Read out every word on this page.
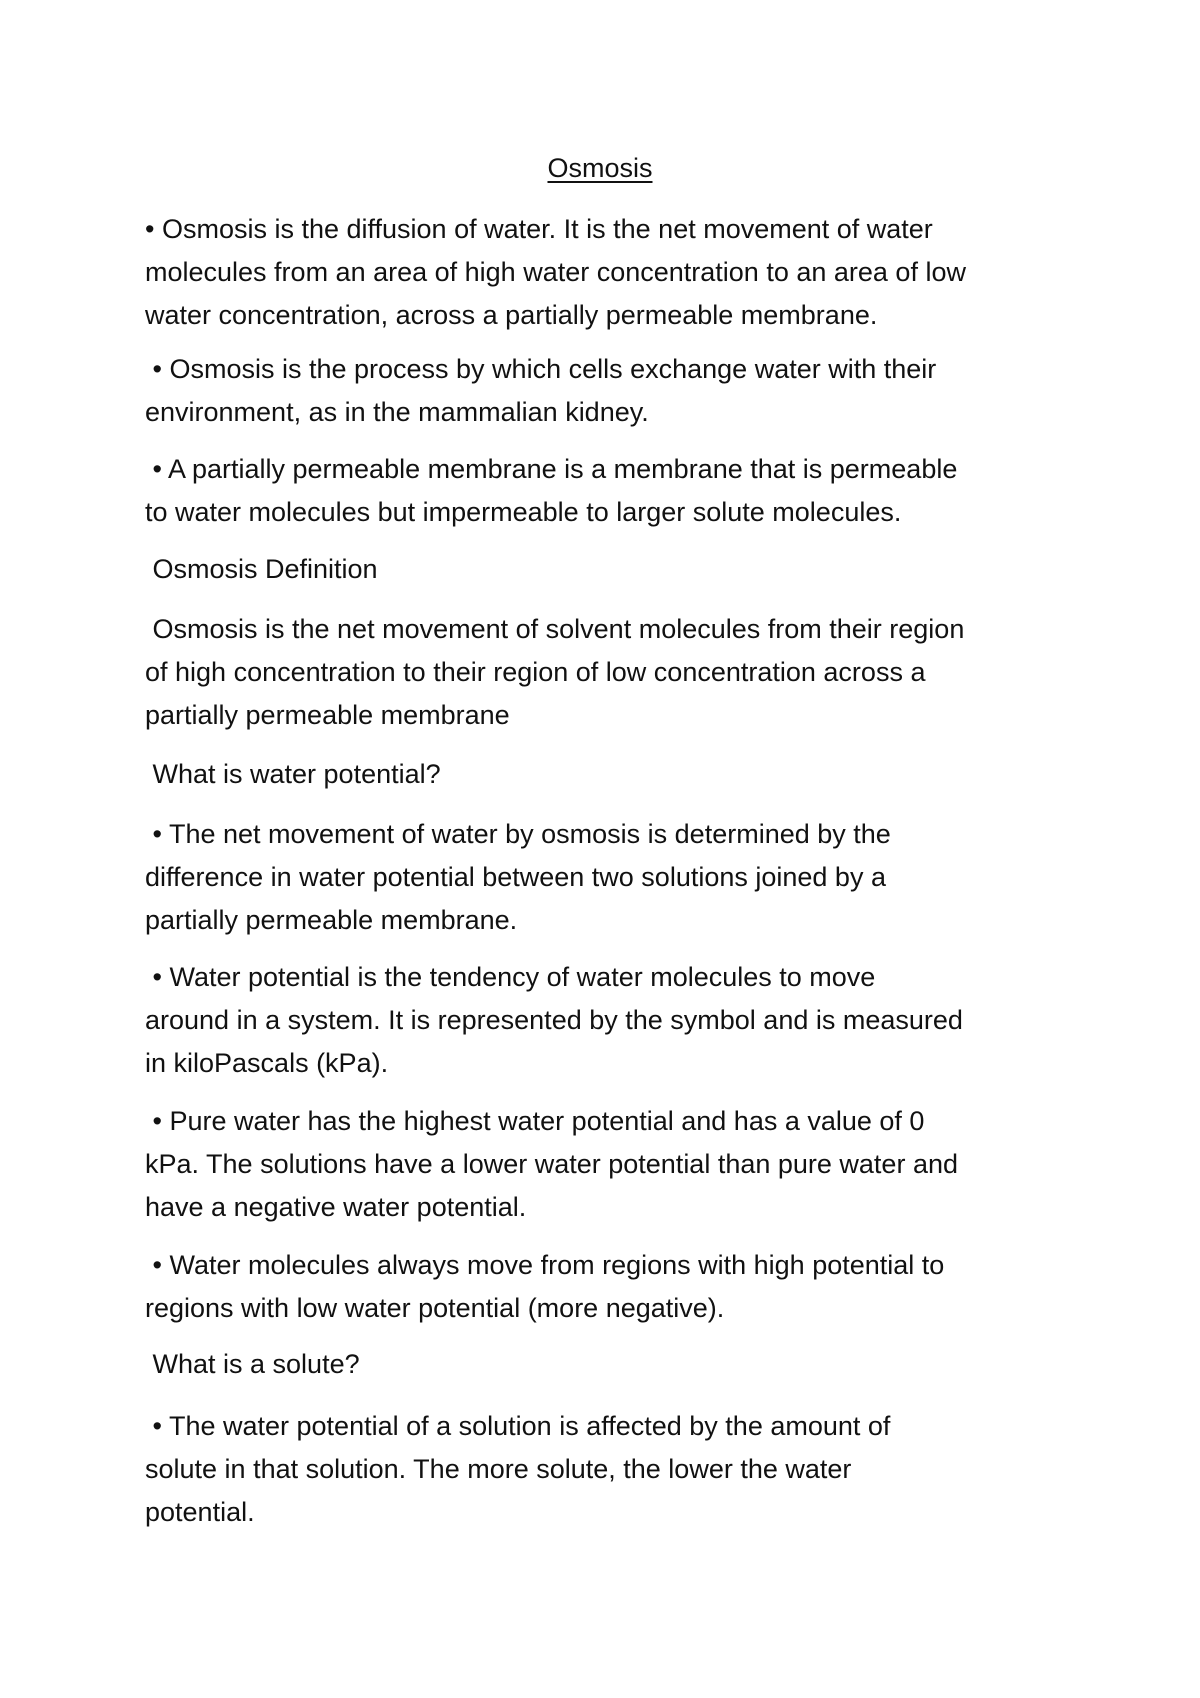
Osmosis

• Osmosis is the diffusion of water. It is the net movement of water
molecules from an area of high water concentration to an area of low
water concentration, across a partially permeable membrane.

• Osmosis is the process by which cells exchange water with their
environment, as in the mammalian kidney.

• A partially permeable membrane is a membrane that is permeable
to water molecules but impermeable to larger solute molecules.

Osmosis Definition

Osmosis is the net movement of solvent molecules from their region
of high concentration to their region of low concentration across a
partially permeable membrane

What is water potential?

• The net movement of water by osmosis is determined by the
difference in water potential between two solutions joined by a
partially permeable membrane.

• Water potential is the tendency of water molecules to move
around in a system. It is represented by the symbol and is measured
in kiloPascals (kPa).

• Pure water has the highest water potential and has a value of 0
kPa. The solutions have a lower water potential than pure water and
have a negative water potential.

• Water molecules always move from regions with high potential to
regions with low water potential (more negative).

What is a solute?

• The water potential of a solution is affected by the amount of
solute in that solution. The more solute, the lower the water
potential.
